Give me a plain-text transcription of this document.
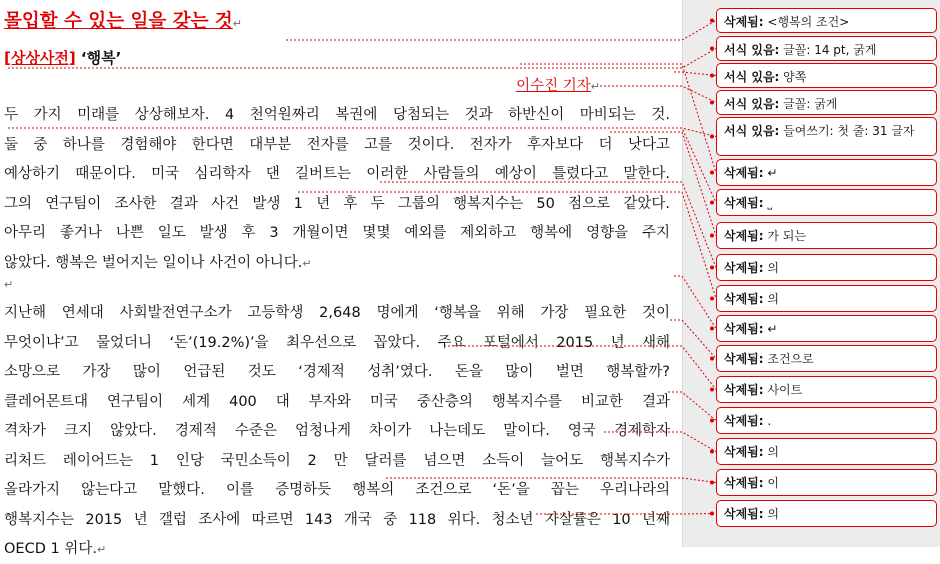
몰입할 수 있는 일을 갖는 것↵
[상상사전] ‘행복’
이수진 기자↵
두 가지 미래를 상상해보자. 4 천억원짜리 복권에 당첨되는 것과 하반신이 마비되는 것.
둘 중 하나를 경험해야 한다면 대부분 전자를 고를 것이다. 전자가 후자보다 더 낫다고
예상하기 때문이다. 미국 심리학자 댄 길버트는 이러한 사람들의 예상이 틀렸다고 말한다.
그의 연구팀이 조사한 결과 사건 발생 1 년 후 두 그룹의 행복지수는 50 점으로 같았다.
아무리 좋거나 나쁜 일도 발생 후 3 개월이면 몇몇 예외를 제외하고 행복에 영향을 주지
않았다. 행복은 벌어지는 일이나 사건이 아니다.↵
↵
지난해 연세대 사회발전연구소가 고등학생 2,648 명에게 ‘행복을 위해 가장 필요한 것이
무엇이냐’고 물었더니 ‘돈’(19.2%)’을 최우선으로 꼽았다. 주요 포털에서 2015 년 새해
소망으로 가장 많이 언급된 것도 ‘경제적 성취’였다. 돈을 많이 벌면 행복할까?
클레어몬트대 연구팀이 세계 400 대 부자와 미국 중산층의 행복지수를 비교한 결과
격차가 크지 않았다. 경제적 수준은 엄청나게 차이가 나는데도 말이다. 영국 경제학자
리처드 레이어드는 1 인당 국민소득이 2 만 달러를 넘으면 소득이 늘어도 행복지수가
올라가지 않는다고 말했다. 이를 증명하듯 행복의 조건으로 ‘돈’을 꼽는 우리나라의
행복지수는 2015 년 갤럽 조사에 따르면 143 개국 중 118 위다. 청소년 자살률은 10 년째
OECD 1 위다.↵
삭제됨: <행복의 조건>
서식 있음: 글꼴: 14 pt, 굵게
서식 있음: 양쪽
서식 있음: 글꼴: 굵게
서식 있음: 들여쓰기: 첫 줄: 31 글자
삭제됨: ↵
삭제됨: ˽
삭제됨: 가 되는
삭제됨: 의
삭제됨: 의
삭제됨: ↵
삭제됨: 조건으로
삭제됨: 사이트
삭제됨: .
삭제됨: 의
삭제됨: 이
삭제됨: 의
